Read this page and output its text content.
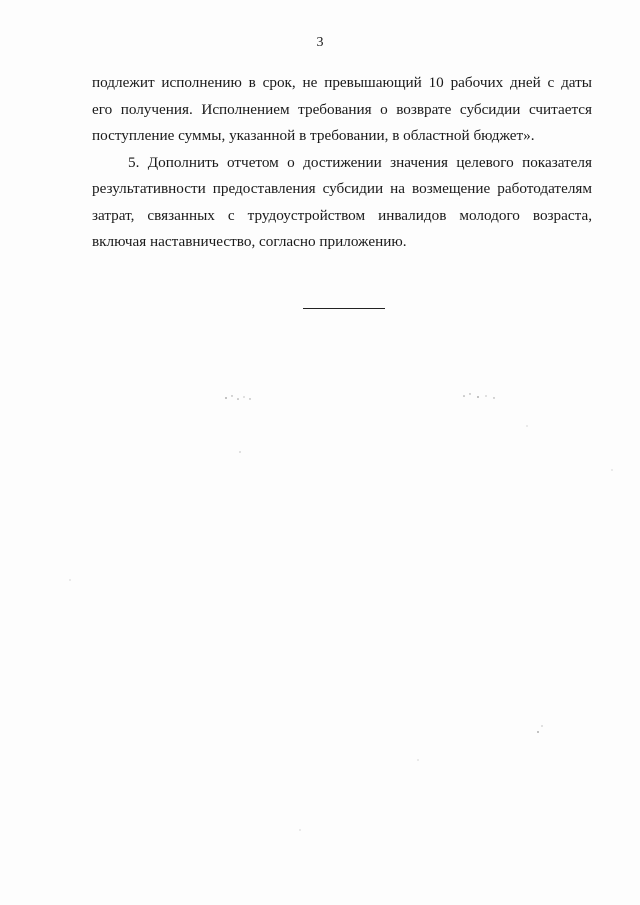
3

подлежит исполнению в срок, не превышающий 10 рабочих дней с даты
его получения. Исполнением требования о возврате субсидии считается
поступление суммы, указанной в требовании, в областной бюджет».

5. Дополнить отчетом о достижении значения целевого показателя
результативности предоставления субсидии на возмещение работодателям
затрат, связанных с трудоустройством инвалидов молодого возраста,
включая наставничество, согласно приложению.
